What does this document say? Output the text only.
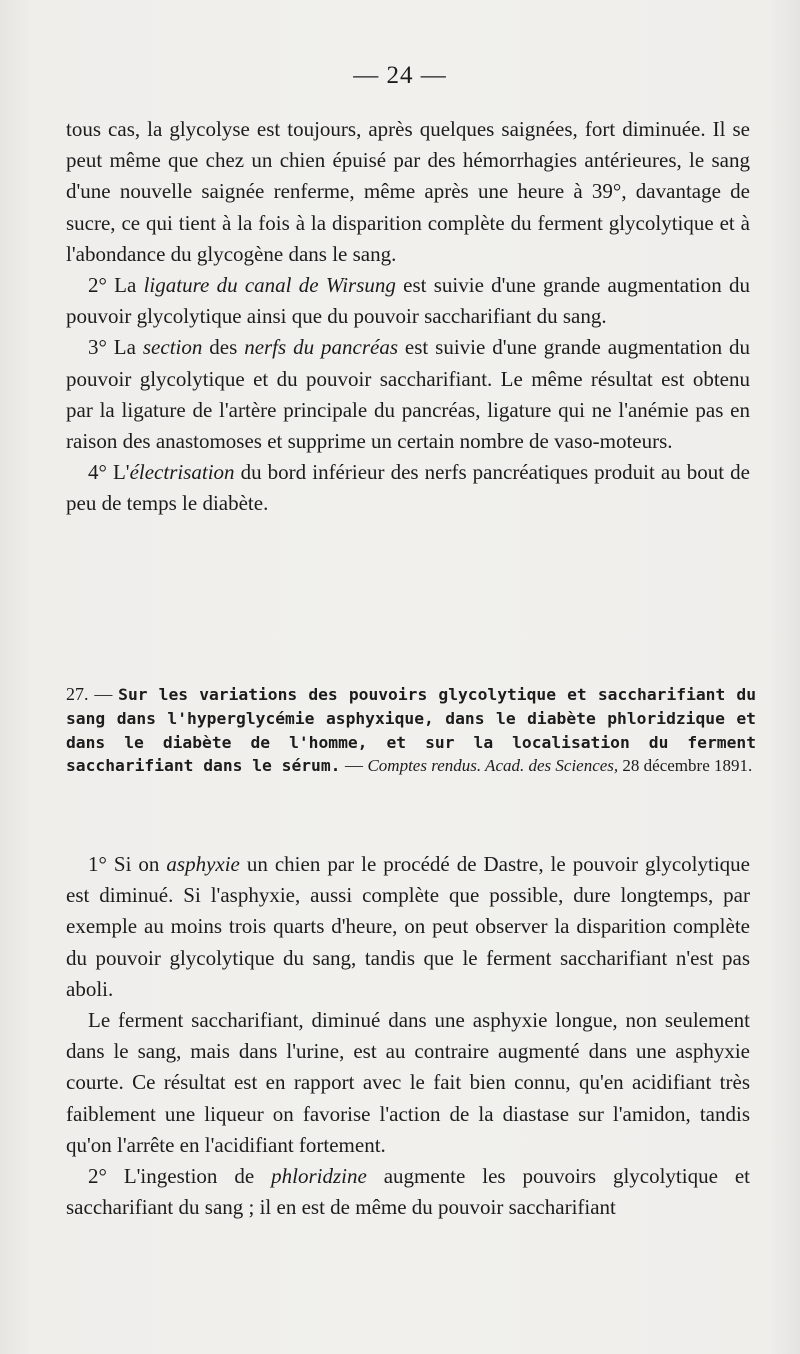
— 24 —

tous cas, la glycolyse est toujours, après quelques saignées, fort diminuée. Il se peut même que chez un chien épuisé par des hémorrhagies antérieures, le sang d'une nouvelle saignée renferme, même après une heure à 39°, davantage de sucre, ce qui tient à la fois à la disparition complète du ferment glycolytique et à l'abondance du glycogène dans le sang.

2° La ligature du canal de Wirsung est suivie d'une grande augmentation du pouvoir glycolytique ainsi que du pouvoir saccharifiant du sang.

3° La section des nerfs du pancréas est suivie d'une grande augmentation du pouvoir glycolytique et du pouvoir saccharifiant. Le même résultat est obtenu par la ligature de l'artère principale du pancréas, ligature qui ne l'anémie pas en raison des anastomoses et supprime un certain nombre de vaso-moteurs.

4° L'électrisation du bord inférieur des nerfs pancréatiques produit au bout de peu de temps le diabète.

27. — Sur les variations des pouvoirs glycolytique et saccharifiant du sang dans l'hyperglycémie asphyxique, dans le diabète phloridzique et dans le diabète de l'homme, et sur la localisation du ferment saccharifiant dans le sérum. — Comptes rendus. Acad. des Sciences, 28 décembre 1891.

1° Si on asphyxie un chien par le procédé de Dastre, le pouvoir glycolytique est diminué. Si l'asphyxie, aussi complète que possible, dure longtemps, par exemple au moins trois quarts d'heure, on peut observer la disparition complète du pouvoir glycolytique du sang, tandis que le ferment saccharifiant n'est pas aboli.

Le ferment saccharifiant, diminué dans une asphyxie longue, non seulement dans le sang, mais dans l'urine, est au contraire augmenté dans une asphyxie courte. Ce résultat est en rapport avec le fait bien connu, qu'en acidifiant très faiblement une liqueur on favorise l'action de la diastase sur l'amidon, tandis qu'on l'arrête en l'acidifiant fortement.

2° L'ingestion de phloridzine augmente les pouvoirs glycolytique et saccharifiant du sang ; il en est de même du pouvoir saccharifiant
